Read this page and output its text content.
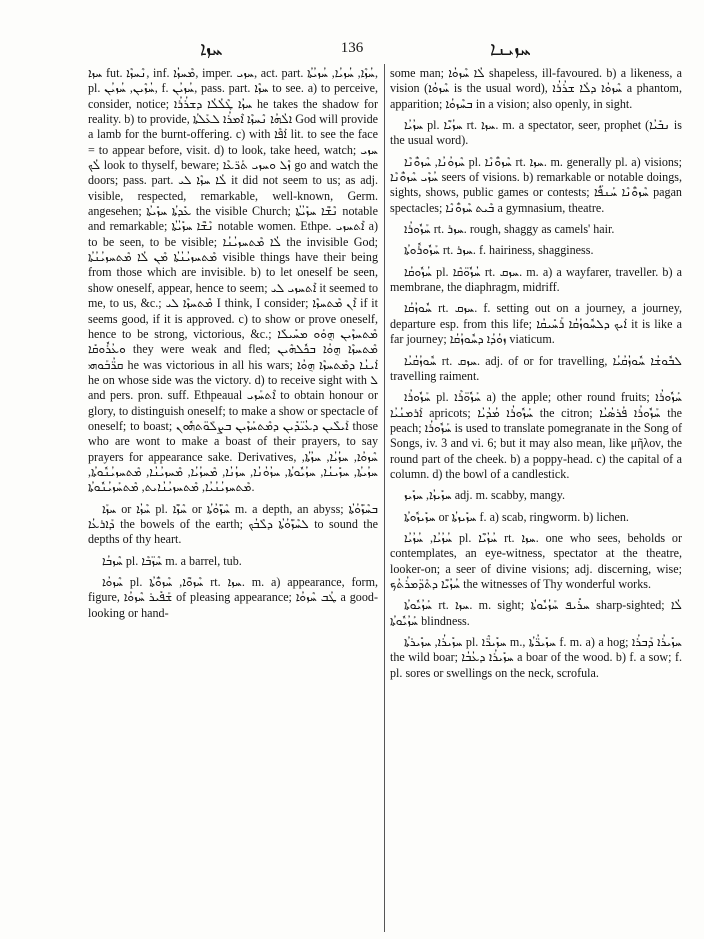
ܚܙܐ	136	ܚܙܝܢܐ

ܚܙܐ fut. ܢܶܚܙܶܐ, inf. ܡܶܚܙܳܐ, imper. ܚܙܝ, act. part. ܚܳܙܶܐ, ܚܳܙܝܳܐ, ܚܳܙܝܳܬܳܐ, pl. ܚܳܙܶܝܢ, ܚܳܙܝܳܢ, f. ܚܳܙܝܳܢ, pass. part. ܚܙܶܐ to see. a) to perceive, consider, notice; ܚܙܳܐ ܛܶܠܳܠܳܐ ܕܫܪܳܪܳܐ he takes the shadow for reality. b) to provide, ܐܠܳܗܳܐ ܢܶܚܙܶܐ ܐܶܡܪܳܐ ܠܥܰܠܬܳܐ God will provide a lamb for the burnt-offering. c) with ܐܰܦܶܐ lit. to see the face = to appear before, visit. d) to look, take heed, watch; ܚܙܝ ܠܳܟ look to thyself, beware; ܙܶܠ ܘܚܙܝ ܬܰܪ̈ܥܶܐ go and watch the doors; pass. part. ܠܳܐ ܚܙܶܐ ܠܝ it did not seem to us; as adj. visible, respected, remarkable, well-known, Germ. angesehen; ܥܺܕܬܳܐ ܚܙܺܝܬܳܐ the visible Church; ܢܶܫ̈ܶܐ ܚܙܺܝܳܬܳܐ notable and remarkable; ܢܶܫ̈ܶܐ ܚܙܺܝܳܬܳܐ notable women. Ethpe. ܐܶܬܚܙܝ a) to be seen, to be visible; ܠܳܐ ܡܶܬܚܙܝܳܢܳܐ the invisible God; ܡܶܬܚܙܝܳܢܳܬܳܐ ܡܶܢ ܠܳܐ ܡܶܬܚܙܝܳܢܳܬܳܐ visible things have their being from those which are invisible. b) to let oneself be seen, show oneself, appear, hence to seem; ܐܶܬܚܙܝ ܠܝ it seemed to me, to us, &c.; ܡܶܬܚܙܶܐ ܠܝ I think, I consider; ܐܶܢ ܡܶܬܚܙܶܐ if it seems good, if it is approved. c) to show or prove oneself, hence to be strong, victorious, &c.; ܡܶܬܚܙܶܝܢ ܗ݈ܘܰܘ ܡܚܺܝܠܺܐ ܘܥܳܪܽܘܩܺܐ they were weak and fled; ܡܶܬܚܙܶܐ ܗ݈ܘܳܐ ܒܟܽܠܗܶܝܢ ܩܪ̈ܳܒܰܘܗܝ he was victorious in all his wars; ܐܰܝܢܳܐ ܕܡܶܬܚܙܶܐ ܗ݈ܘܳܐ he on whose side was the victory. d) to receive sight with ܠ and pers. pron. suff. Ethpeaual ܐܶܬܚܰܙܝ to obtain honour or glory, to distinguish oneself; to make a show or spectacle of oneself; to boast; ܐܰܝܠܶܝܢ ܕܥܳܝ̈ܕܺܝܢ ܕܡܶܬܚܰܙܶܝܢ ܒܨܠܰܘ̈ܬܗܽܘܢ those who are wont to make a boast of their prayers, to say prayers for appearance sake. Derivatives, ܚܶܙܘܳܐ, ܚܙܳܝܳܐ, ܚܙܳܬܳܐ, ܚܙܳܝܬܳܐ, ܚܙܺܝܢܳܐ, ܚܙܳܝܽܘܬܳܐ, ܚܙܳܘܳܢܳܐ, ܚܙܳܢܳܐ, ܡܶܚܙܳܝܳܐ, ܡܶܚܙܝܳܢܳܐ, ܡܶܬܚܙܝܳܢܽܘܬܳܐ, ܡܶܬܚܙܝܳܢܳܝܳܐ, ܡܶܬܚܙܝܳܢܳܐܝܬ, ܡܶܬܚܰܙܝܳܢܽܘܬܳܐ.

ܚܙܰܐ or ܚܶܙܳܐ pl. ܚܶܙ̈ܶܐ or ܚܶܙ̈ܰܘܳܬܳܐ m. a depth, an abyss; ܒܚܶܙ̈ܰܘܳܬܳܐ ܕܰܐܪܥܳܐ the bowels of the earth; ܠܚܶܙ̈ܰܘܳܬܳܐ ܕܠܶܒܳܟ to sound the depths of thy heart.

ܚܶܙܒܳܐ pl. ܚܶܙ̈ܒܶܐ m. a barrel, tub.

ܚܶܙܘܳܐ pl. ܚܶܙܘ̈ܶܐ, ܚܶܙܘ̈ܳܬܳܐ rt. ܚܙܐ. m. a) appearance, form, figure, ܫܰܦܺܝܪ ܚܶܙܘܳܐ of pleasing appearance; ܛܳܒ ܚܶܙܘܳܐ a good-looking or hand-

some man; ܠܳܐ ܚܶܙܘܳܐ shapeless, ill-favoured. b) a likeness, a vision (ܚܶܙܘܳܐ is the usual word), ܚܶܙܘܳܐ ܕܠܳܐ ܫܪܳܪܳܐ a phantom, apparition; ܒܚܶܙܘܳܐ in a vision; also openly, in sight.

ܚܙܳܝܳܐ pl. ܚܙܳܝ̈ܶܐ rt. ܚܙܐ. m. a spectator, seer, prophet (ܢܒܺܝܳܐ is the usual word).

ܚܶܙܘܳܢܳܐ, ܚܶܙܘ̈ܳܢܶܐ pl. ܚܶܙܘ̈ܳܢܶܐ rt. ܚܙܐ. m. generally pl. a) visions; ܚܳܙܶܝ ܚܶܙܘ̈ܳܢܶܐ seers of visions. b) remarkable or notable doings, sights, shows, public games or contests; ܚܶܙܘ̈ܳܢܶܐ ܚܰܢܦ̈ܶܐ pagan spectacles; ܒܶܝܬ ܚܶܙܘ̈ܳܢܶܐ a gymnasium, theatre.

ܚܰܙܽܘܪܳܐ rt. ܚܙܪ. rough, shaggy as camels' hair.

ܚܰܙܽܘܪܽܘܬܳܐ rt. ܚܙܪ. f. hairiness, shagginess.

ܚܳܙܽܘܩܳܐ pl. ܚܳܙܽܘ̈ܩܶܐ rt. ܚܙܩ. m. a) a wayfarer, traveller. b) a membrane, the diaphragm, midriff.

ܚܽܘܙܳܩܳܐ rt. ܚܙܩ. f. setting out on a journey, a journey, departure esp. from this life; ܐܰܝܟ ܕܠܚܽܘܙܳܩܳܐ ܪܰܚܺܝܩܳܐ it is like a far journey; ܙܘܳܕܳܐ ܕܚܽܘܙܳܩܳܐ viaticum.

ܚܽܘܙܳܩܳܝܳܐ rt. ܚܙܩ. adj. of or for travelling, ܠܒܽܘܫܳܐ ܚܽܘܙܳܩܳܝܳܐ travelling raiment.

ܚܰܙܽܘܪܳܐ pl. ܚܰܙܽܘ̈ܪܶܐ a) the apple; other round fruits; ܚܰܙܽܘܪܳܐ ܐܰܪܡܢܳܝܳܐ apricots; ܚܰܙܽܘܪܳܐ ܡܳܕܳܝܳܐ the citron; ܚܰܙܽܘܪܳܐ ܦܳܪܣܳܝܳܐ the peach; ܚܰܙܽܘܪܳܐ is used to translate pomegranate in the Song of Songs, iv. 3 and vi. 6; but it may also mean, like μῆλον, the round part of the cheek. b) a poppy-head. c) the capital of a column. d) the bowl of a candlestick.

ܚܙܺܝܙܳܐ, ܚܙܺܝܙ adj. m. scabby, mangy.

ܚܙܺܝܙܽܘܬܳܐ or ܚܙܺܝܙܬܳܐ f. a) scab, ringworm. b) lichen.

ܚܳܙܳܝܳܐ, ܚܳܙܳܝܳܐ pl. ܚܳܙܳܝ̈ܶܐ rt. ܚܙܐ. one who sees, beholds or contemplates, an eye-witness, spectator at the theatre, looker-on; a seer of divine visions; adj. discerning, wise; ܚܳܙܳܝ̈ܶܐ ܕܬܶܕ̈ܡܪܳܬܳܟ the witnesses of Thy wonderful works.

ܚܰܙܳܝܽܘܬܳܐ rt. ܚܙܐ. m. sight; ܚܪܺܝܦ ܚܰܙܳܝܽܘܬܳܐ sharp-sighted; ܠܳܐ ܚܰܙܳܝܽܘܬܳܐ blindness.

ܚܙܺܝܪܳܐ, ܚܙܺܝܪܬܳܐ pl. ܚܙܺܝܪ̈ܶܐ m., ܚܙܺܝܪ̈ܳܬܳܐ f. m. a) a hog; ܚܙܺܝܪܳܐ ܕܰܒܪܳܐ the wild boar; ܚܙܺܝܪܳܐ ܕܥܳܒܳܐ a boar of the wood. b) f. a sow; f. pl. sores or swellings on the neck, scrofula.
